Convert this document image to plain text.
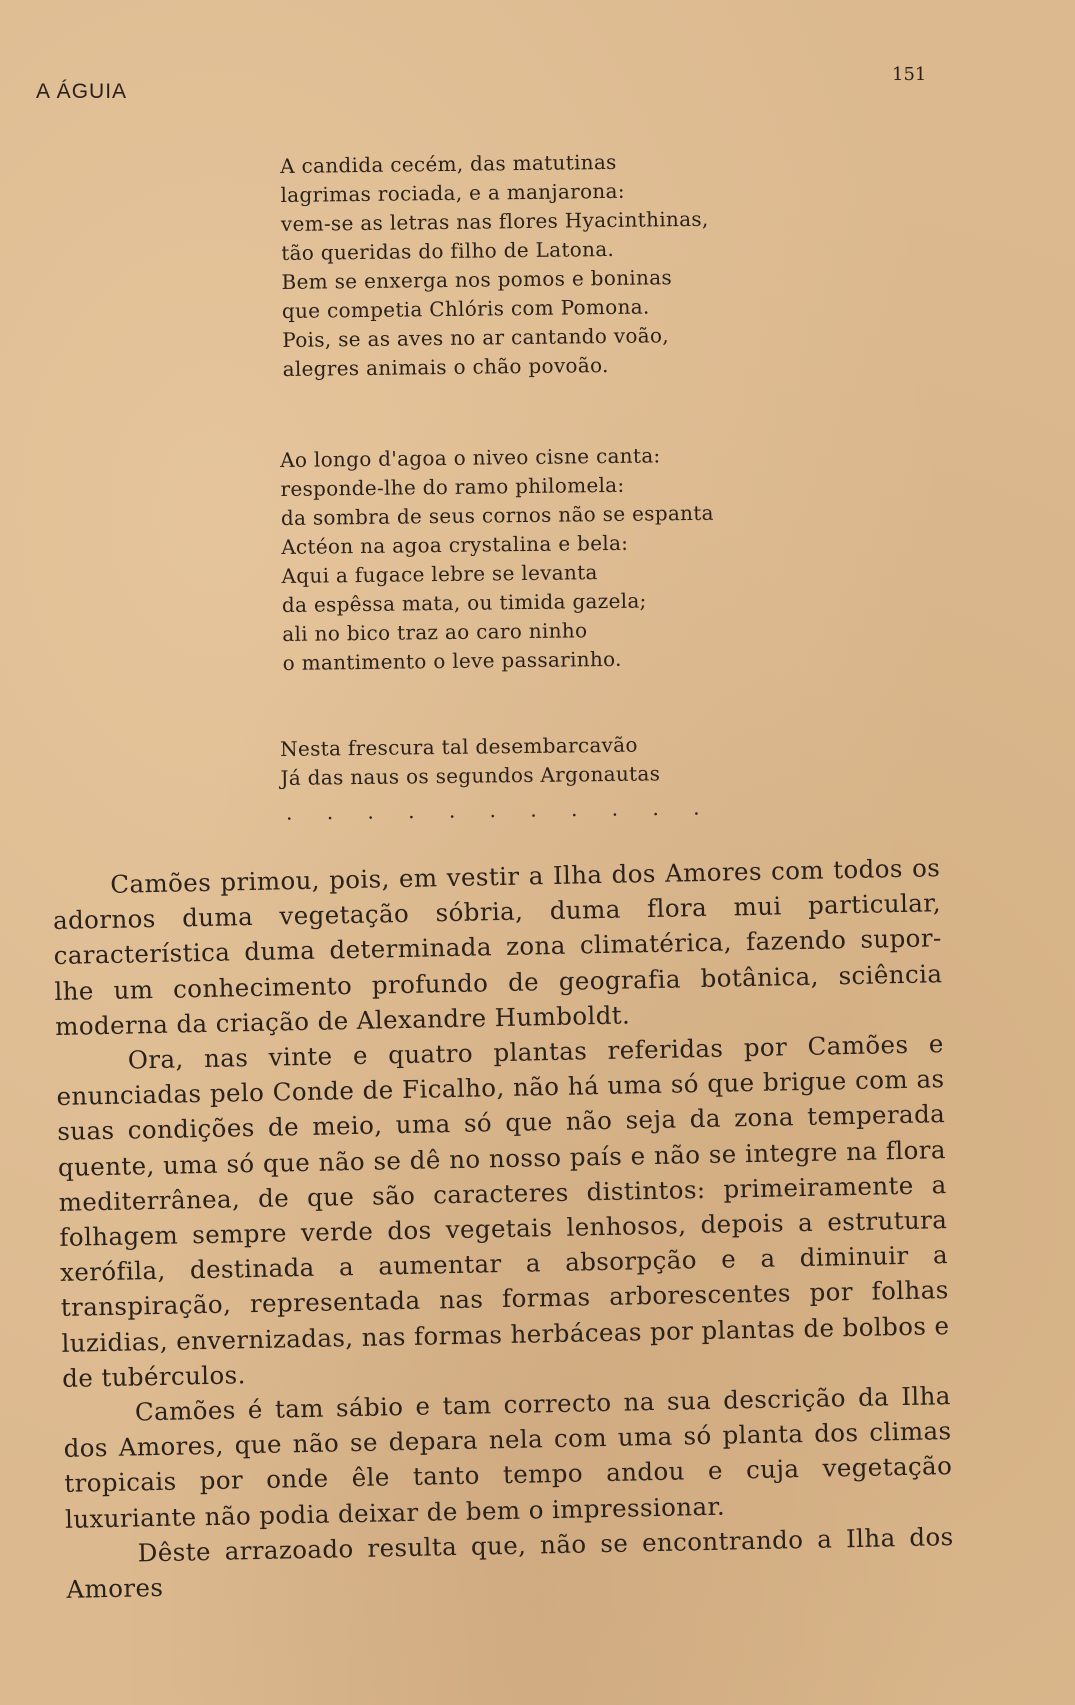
A ÁGUIA
151
A candida cecém, das matutinas
lagrimas rociada, e a manjarona:
vem-se as letras nas flores Hyacinthinas,
tão queridas do filho de Latona.
Bem se enxerga nos pomos e boninas
que competia Chlóris com Pomona.
Pois, se as aves no ar cantando voão,
alegres animais o chão povoão.
Ao longo d'agoa o niveo cisne canta:
responde-lhe do ramo philomela:
da sombra de seus cornos não se espanta
Actéon na agoa crystalina e bela:
Aqui a fugace lebre se levanta
da espêssa mata, ou timida gazela;
ali no bico traz ao caro ninho
o mantimento o leve passarinho.
Nesta frescura tal desembarcavão
Já das naus os segundos Argonautas
. . . . . . . . . . .

Camões primou, pois, em vestir a Ilha dos Amores com todos os adornos duma vegetação sóbria, duma flora mui particular, característica duma determinada zona climatérica, fazendo supor-lhe um conhecimento profundo de geografia botânica, sciência moderna da criação de Alexandre Humboldt.

Ora, nas vinte e quatro plantas referidas por Camões e enunciadas pelo Conde de Ficalho, não há uma só que brigue com as suas condições de meio, uma só que não seja da zona temperada quente, uma só que não se dê no nosso país e não se integre na flora mediterrânea, de que são caracteres distintos: primeiramente a folhagem sempre verde dos vegetais lenhosos, depois a estrutura xerófila, destinada a aumentar a absorpção e a diminuir a transpiração, representada nas formas arborescentes por folhas luzidias, envernizadas, nas formas herbáceas por plantas de bolbos e de tubérculos.

Camões é tam sábio e tam correcto na sua descrição da Ilha dos Amores, que não se depara nela com uma só planta dos climas tropicais por onde êle tanto tempo andou e cuja vegetação luxuriante não podia deixar de bem o impressionar.

Dêste arrazoado resulta que, não se encontrando a Ilha dos Amores
